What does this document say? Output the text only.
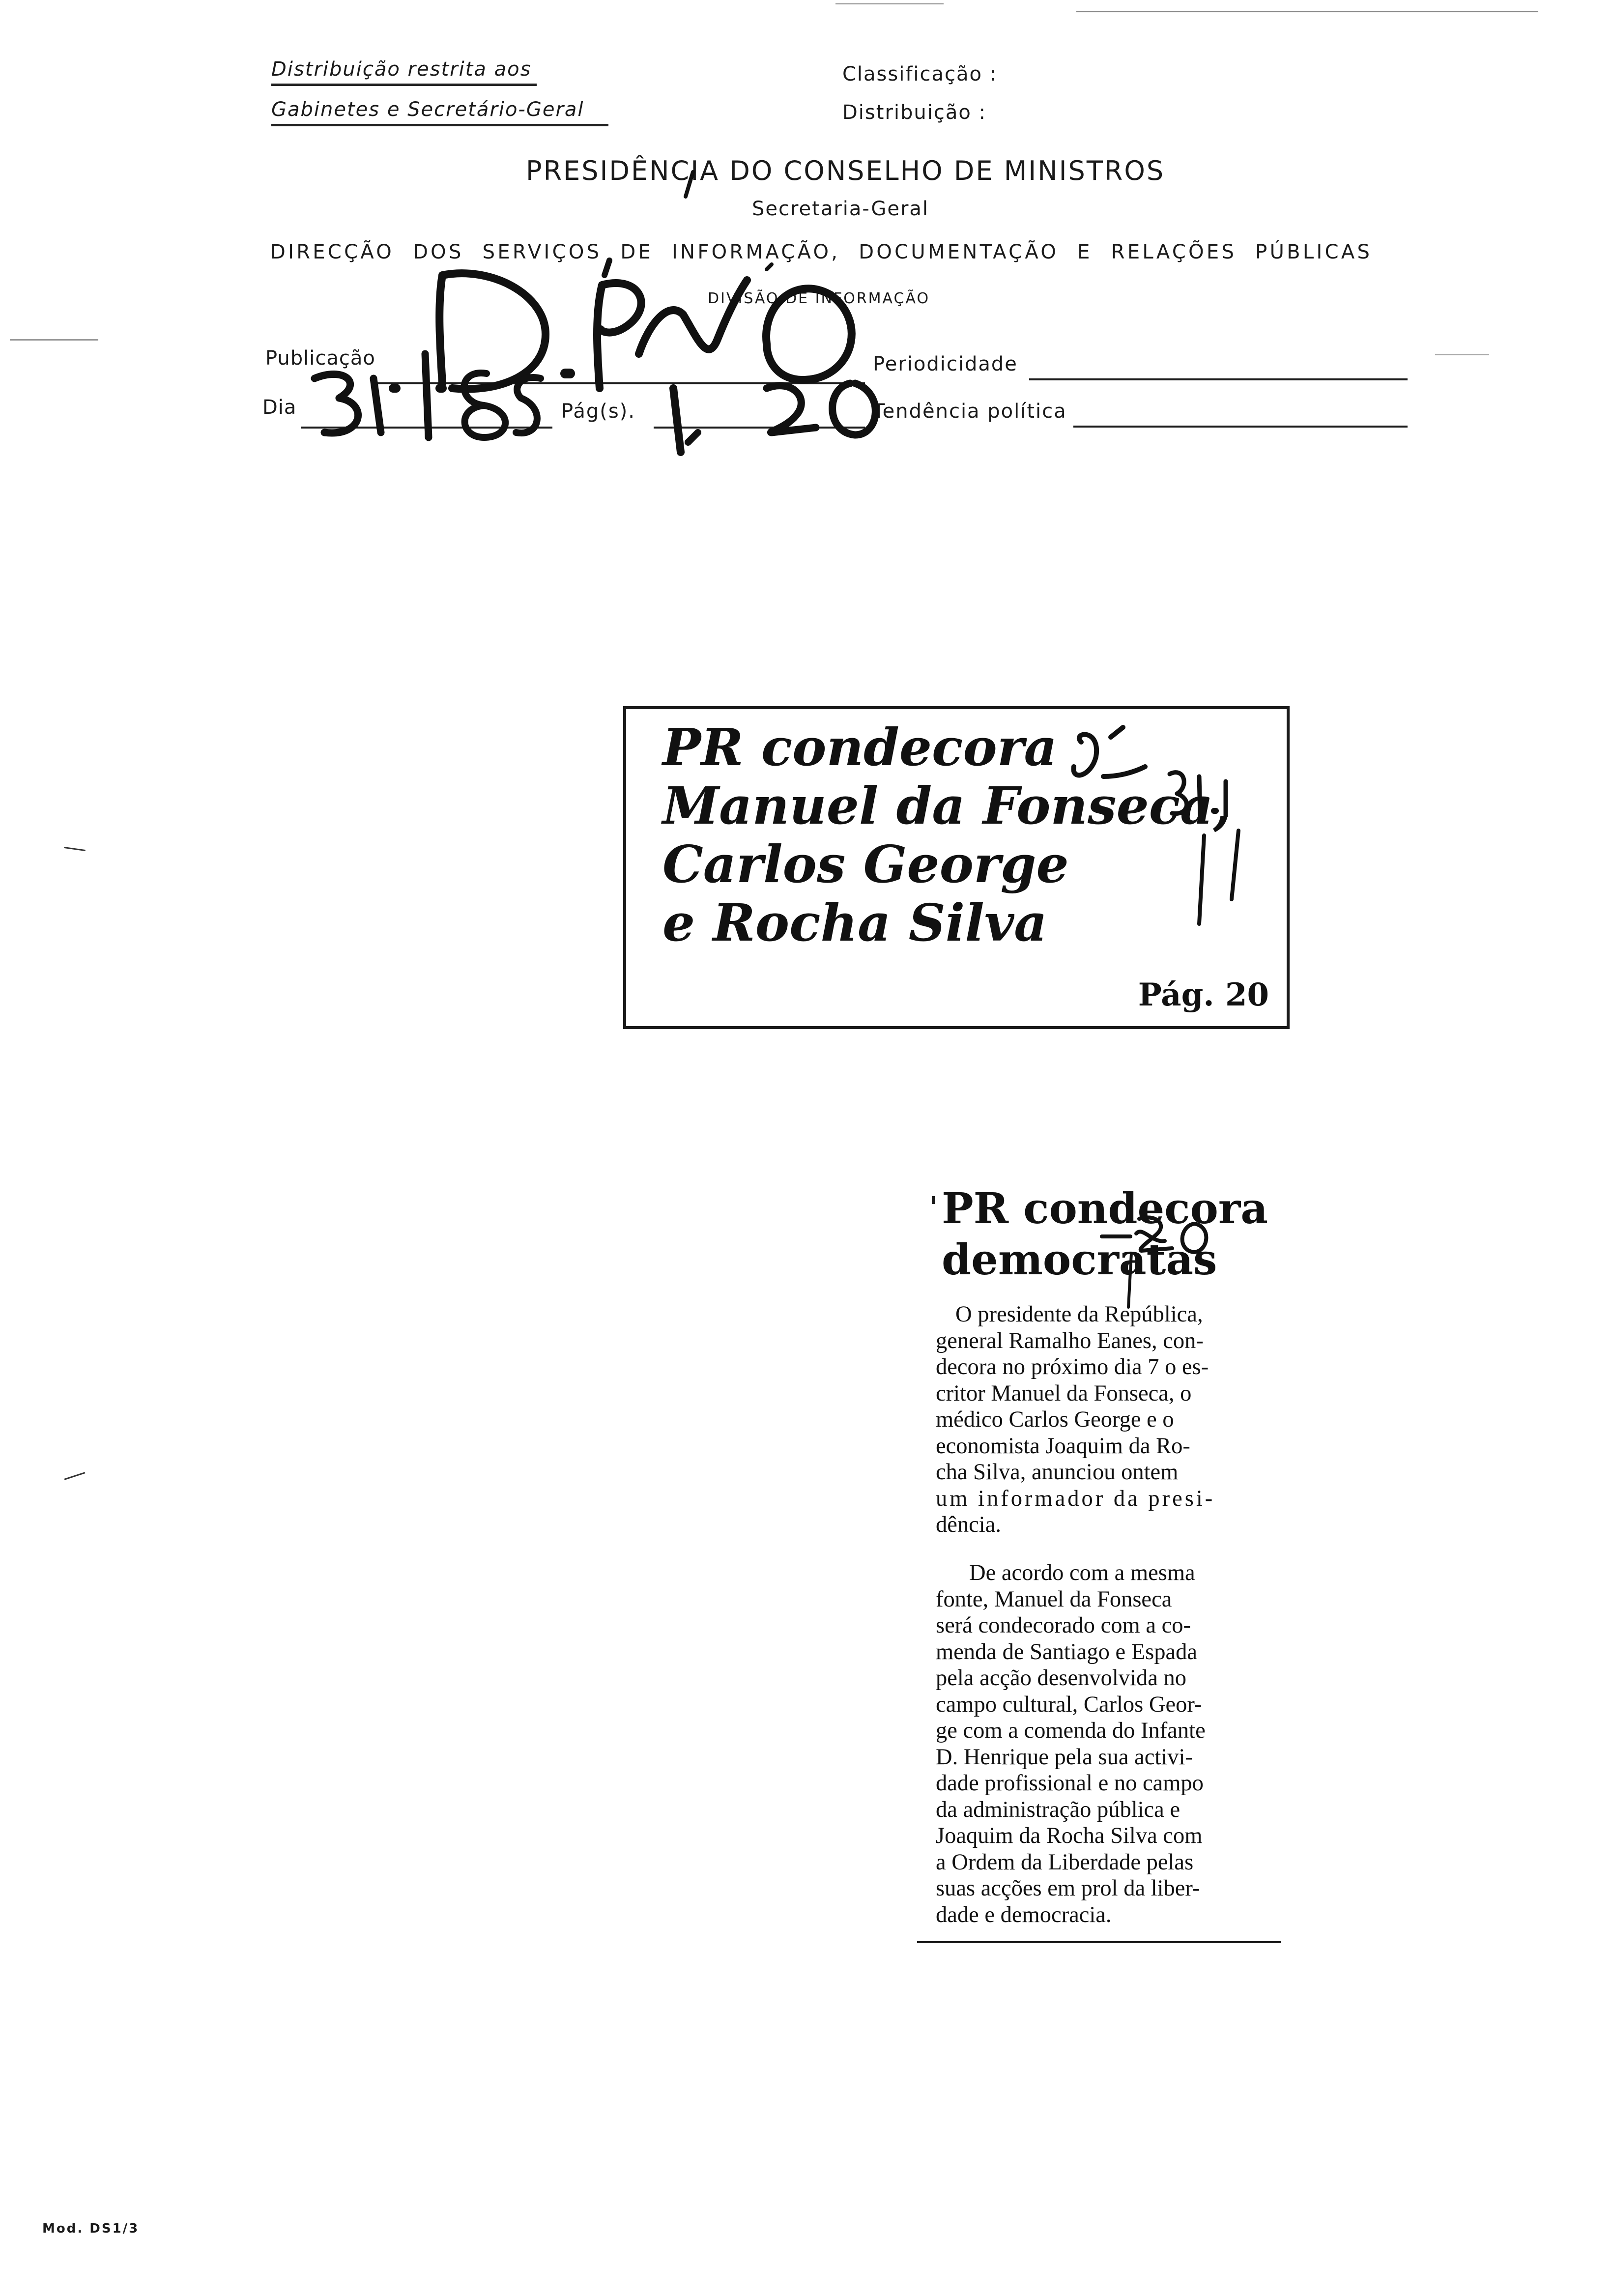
Distribuição restrita aos
Gabinetes e Secretário-Geral
Classificação :
Distribuição :
PRESIDÊNCIA DO CONSELHO DE MINISTROS
Secretaria-Geral
DIRECÇÃO DOS SERVIÇOS DE INFORMAÇÃO, DOCUMENTAÇÃO E RELAÇÕES PÚBLICAS
DIVISÃO DE INFORMAÇÃO
Publicação
Dia	Pág(s).
Periodicidade
Tendência política
PR condecora
Manuel da Fonseca,
Carlos George
e Rocha Silva
Pág. 20
PR condecora
democratas
O presidente da República,
general Ramalho Eanes, con-
decora no próximo dia 7 o es-
critor Manuel da Fonseca, o
médico Carlos George e o
economista Joaquim da Ro-
cha Silva, anunciou ontem
um informador da presi-
dência.
De acordo com a mesma
fonte, Manuel da Fonseca
será condecorado com a co-
menda de Santiago e Espada
pela acção desenvolvida no
campo cultural, Carlos Geor-
ge com a comenda do Infante
D. Henrique pela sua activi-
dade profissional e no campo
da administração pública e
Joaquim da Rocha Silva com
a Ordem da Liberdade pelas
suas acções em prol da liber-
dade e democracia.
Mod. DS1/3
